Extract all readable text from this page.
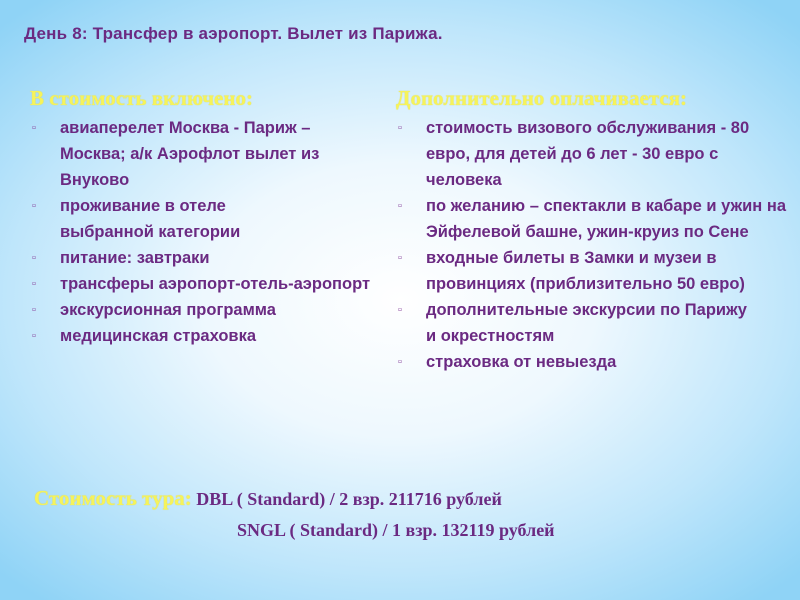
День 8: Трансфер в аэропорт. Вылет из Парижа.
В стоимость включено:
▫ авиаперелет Москва - Париж – Москва; а/к Аэрофлот вылет из Внуково
▫ проживание в отеле выбранной категории
▫ питание: завтраки
▫ трансферы аэропорт-отель-аэропорт
▫ экскурсионная программа
▫ медицинская страховка
Дополнительно оплачивается:
▫ стоимость визового обслуживания - 80 евро, для детей до 6 лет - 30 евро с человека
▫ по желанию – спектакли в кабаре и ужин на Эйфелевой башне, ужин-круиз по Сене
▫ входные билеты в Замки и музеи в провинциях (приблизительно 50 евро)
▫ дополнительные экскурсии по Парижу и окрестностям
▫ страховка от невыезда
Стоимость тура: DBL ( Standard) / 2 взр. 211716 рублей
SNGL ( Standard) / 1 взр. 132119 рублей
